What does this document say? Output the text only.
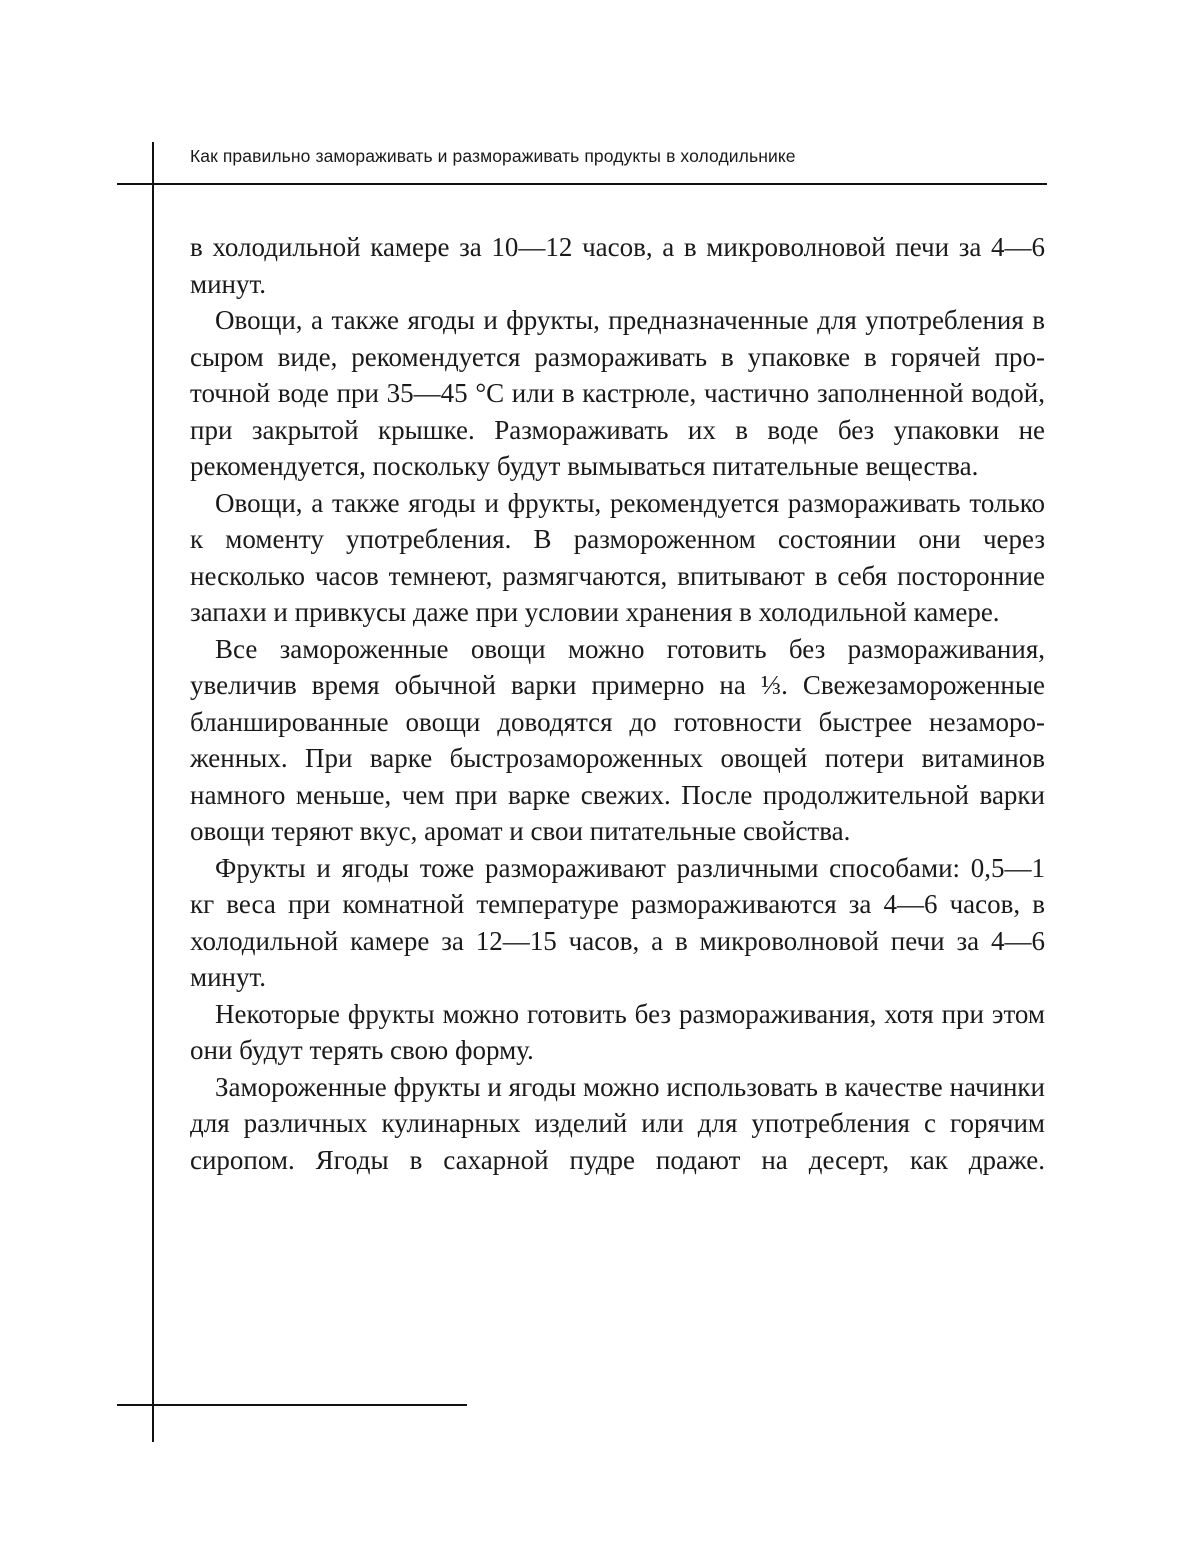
Как правильно замораживать и размораживать продукты в холодильнике

в холодильной камере за 10—12 часов, а в микроволновой печи за 4—6 минут.

Овощи, а также ягоды и фрукты, предназначенные для употребления в сыром виде, рекомендуется размораживать в упаковке в горячей проточной воде при 35—45 °C или в кастрюле, частично заполненной водой, при закрытой крышке. Размораживать их в воде без упаковки не рекомендуется, поскольку будут вымываться питательные вещества.

Овощи, а также ягоды и фрукты, рекомендуется размораживать только к моменту употребления. В размороженном состоянии они через несколько часов темнеют, размягчаются, впитывают в себя посторонние запахи и привкусы даже при условии хранения в холодильной камере.

Все замороженные овощи можно готовить без размораживания, увеличив время обычной варки примерно на ⅓. Свежезамороженные бланшированные овощи доводятся до готовности быстрее незамороженных. При варке быстрозамороженных овощей потери витаминов намного меньше, чем при варке свежих. После продолжительной варки овощи теряют вкус, аромат и свои питательные свойства.

Фрукты и ягоды тоже размораживают различными способами: 0,5—1 кг веса при комнатной температуре размораживаются за 4—6 часов, в холодильной камере за 12—15 часов, а в микроволновой печи за 4—6 минут.

Некоторые фрукты можно готовить без размораживания, хотя при этом они будут терять свою форму.

Замороженные фрукты и ягоды можно использовать в качестве начинки для различных кулинарных изделий или для употребления с горячим сиропом. Ягоды в сахарной пудре подают на десерт, как драже.
